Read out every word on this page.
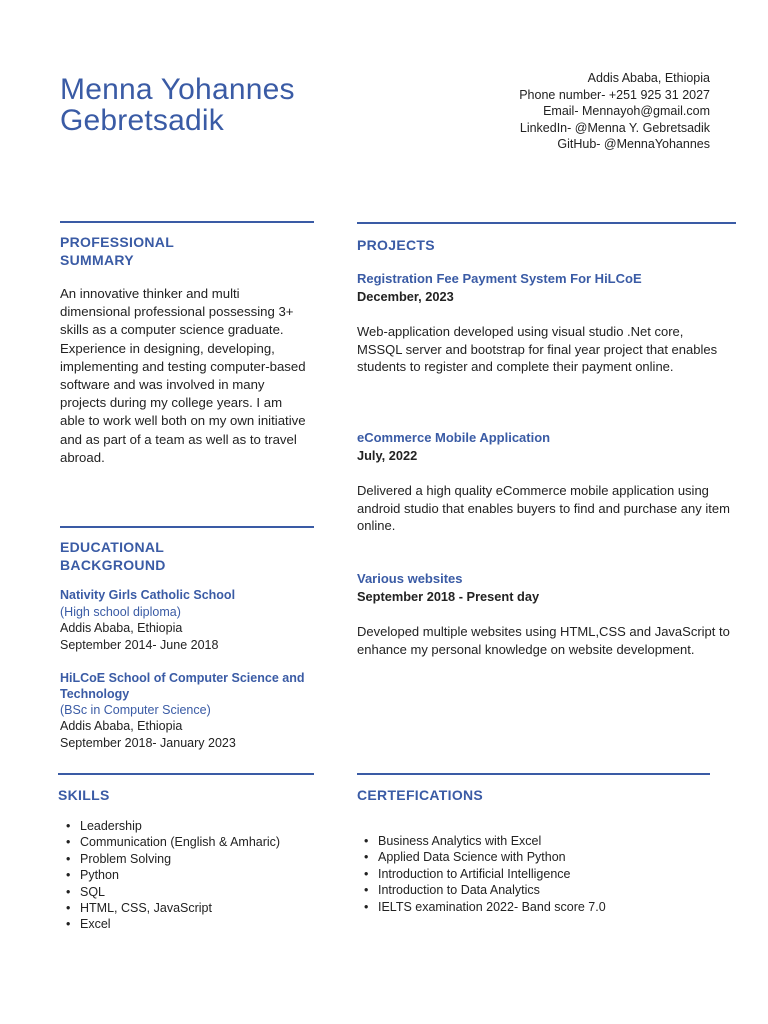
Menna Yohannes
Gebretsadik
Addis Ababa, Ethiopia
Phone number- +251 925 31 2027
Email- Mennayoh@gmail.com
LinkedIn- @Menna Y. Gebretsadik
GitHub- @MennaYohannes
PROFESSIONAL
SUMMARY
An innovative thinker and multi dimensional professional possessing 3+ skills as a computer science graduate. Experience in designing, developing, implementing and testing computer-based software and was involved in many projects during my college years. I am able to work well both on my own initiative and as part of a team as well as to travel abroad.
EDUCATIONAL
BACKGROUND
Nativity Girls Catholic School
(High school diploma)
Addis Ababa, Ethiopia
September 2014- June 2018
HiLCoE School of Computer Science and Technology
(BSc in Computer Science)
Addis Ababa, Ethiopia
September 2018- January 2023
SKILLS
• Leadership
• Communication (English & Amharic)
• Problem Solving
• Python
• SQL
• HTML, CSS, JavaScript
• Excel
PROJECTS
Registration Fee Payment System For HiLCoE
December, 2023
Web-application developed using visual studio .Net core, MSSQL server and bootstrap for final year project that enables students to register and complete their payment online.
eCommerce Mobile Application
July, 2022
Delivered a high quality eCommerce mobile application using android studio that enables buyers to find and purchase any item online.
Various websites
September 2018 - Present day
Developed multiple websites using HTML,CSS and JavaScript to enhance my personal knowledge on website development.
CERTEFICATIONS
• Business Analytics with Excel
• Applied Data Science with Python
• Introduction to Artificial Intelligence
• Introduction to Data Analytics
• IELTS examination 2022- Band score 7.0
